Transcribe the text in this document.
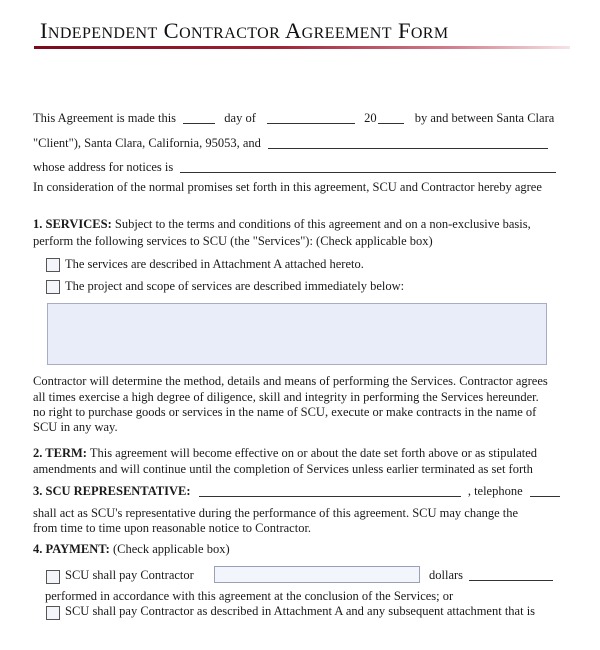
Independent Contractor Agreement Form
This Agreement is made this	day of	20	by and between Santa Clara
"Client"), Santa Clara, California, 95053, and
whose address for notices is
In consideration of the normal promises set forth in this agreement, SCU and Contractor hereby agree
1. SERVICES: Subject to the terms and conditions of this agreement and on a non-exclusive basis,
perform the following services to SCU (the "Services"): (Check applicable box)
The services are described in Attachment A attached hereto.
The project and scope of services are described immediately below:
Contractor will determine the method, details and means of performing the Services. Contractor agrees
all times exercise a high degree of diligence, skill and integrity in performing the Services hereunder.
no right to purchase goods or services in the name of SCU, execute or make contracts in the name of
SCU in any way.
2. TERM: This agreement will become effective on or about the date set forth above or as stipulated
amendments and will continue until the completion of Services unless earlier terminated as set forth
3. SCU REPRESENTATIVE:	, telephone
shall act as SCU's representative during the performance of this agreement. SCU may change the
from time to time upon reasonable notice to Contractor.
4. PAYMENT: (Check applicable box)
SCU shall pay Contractor	dollars
performed in accordance with this agreement at the conclusion of the Services; or
SCU shall pay Contractor as described in Attachment A and any subsequent attachment that is
